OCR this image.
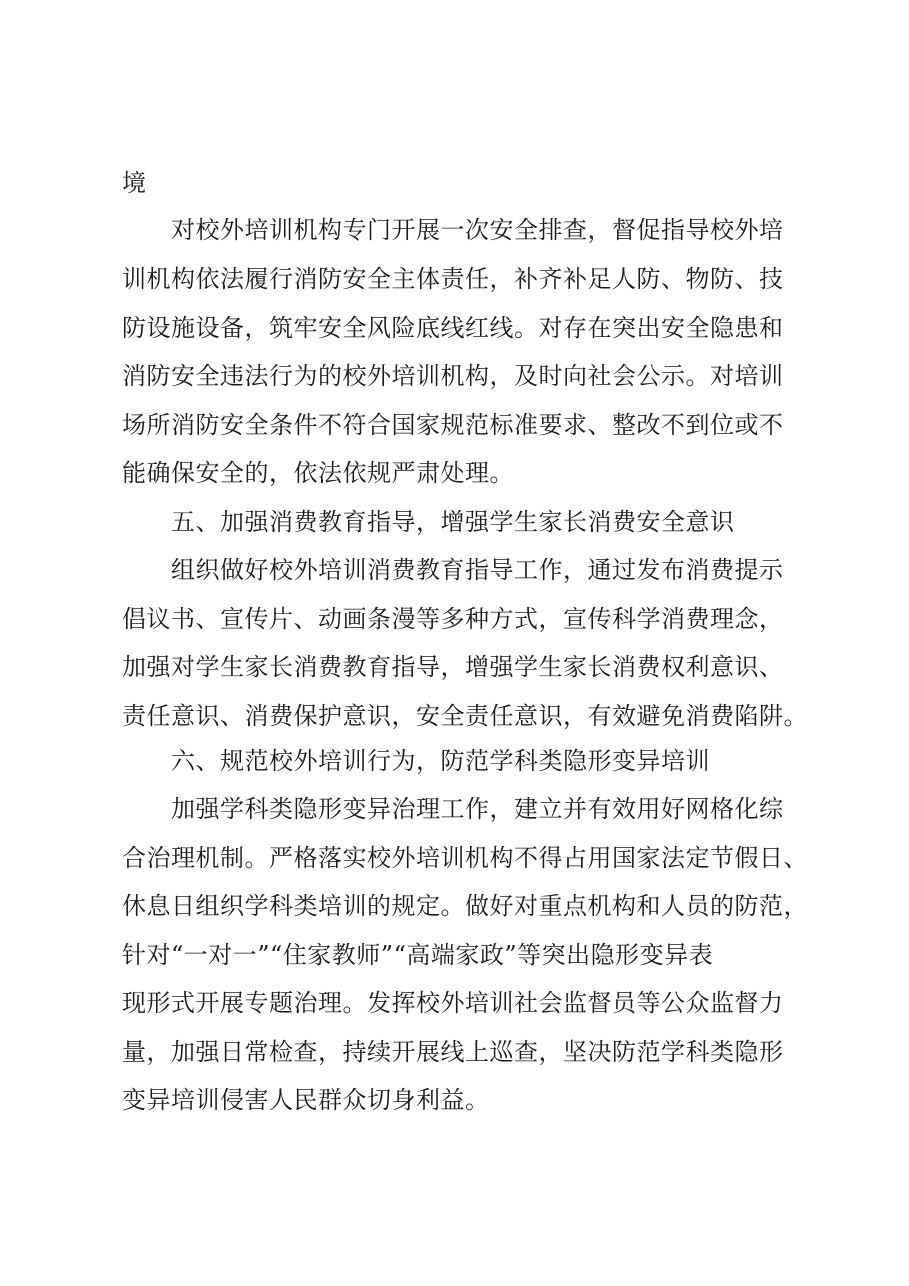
境
对校外培训机构专门开展一次安全排查，督促指导校外培
训机构依法履行消防安全主体责任，补齐补足人防、物防、技
防设施设备，筑牢安全风险底线红线。对存在突出安全隐患和
消防安全违法行为的校外培训机构，及时向社会公示。对培训
场所消防安全条件不符合国家规范标准要求、整改不到位或不
能确保安全的，依法依规严肃处理。
五、加强消费教育指导，增强学生家长消费安全意识
组织做好校外培训消费教育指导工作，通过发布消费提示
倡议书、宣传片、动画条漫等多种方式，宣传科学消费理念，
加强对学生家长消费教育指导，增强学生家长消费权利意识、
责任意识、消费保护意识，安全责任意识，有效避免消费陷阱。
六、规范校外培训行为，防范学科类隐形变异培训
加强学科类隐形变异治理工作，建立并有效用好网格化综
合治理机制。严格落实校外培训机构不得占用国家法定节假日、
休息日组织学科类培训的规定。做好对重点机构和人员的防范，
针对“一对一”“住家教师”“高端家政”等突出隐形变异表
现形式开展专题治理。发挥校外培训社会监督员等公众监督力
量，加强日常检查，持续开展线上巡查，坚决防范学科类隐形
变异培训侵害人民群众切身利益。
